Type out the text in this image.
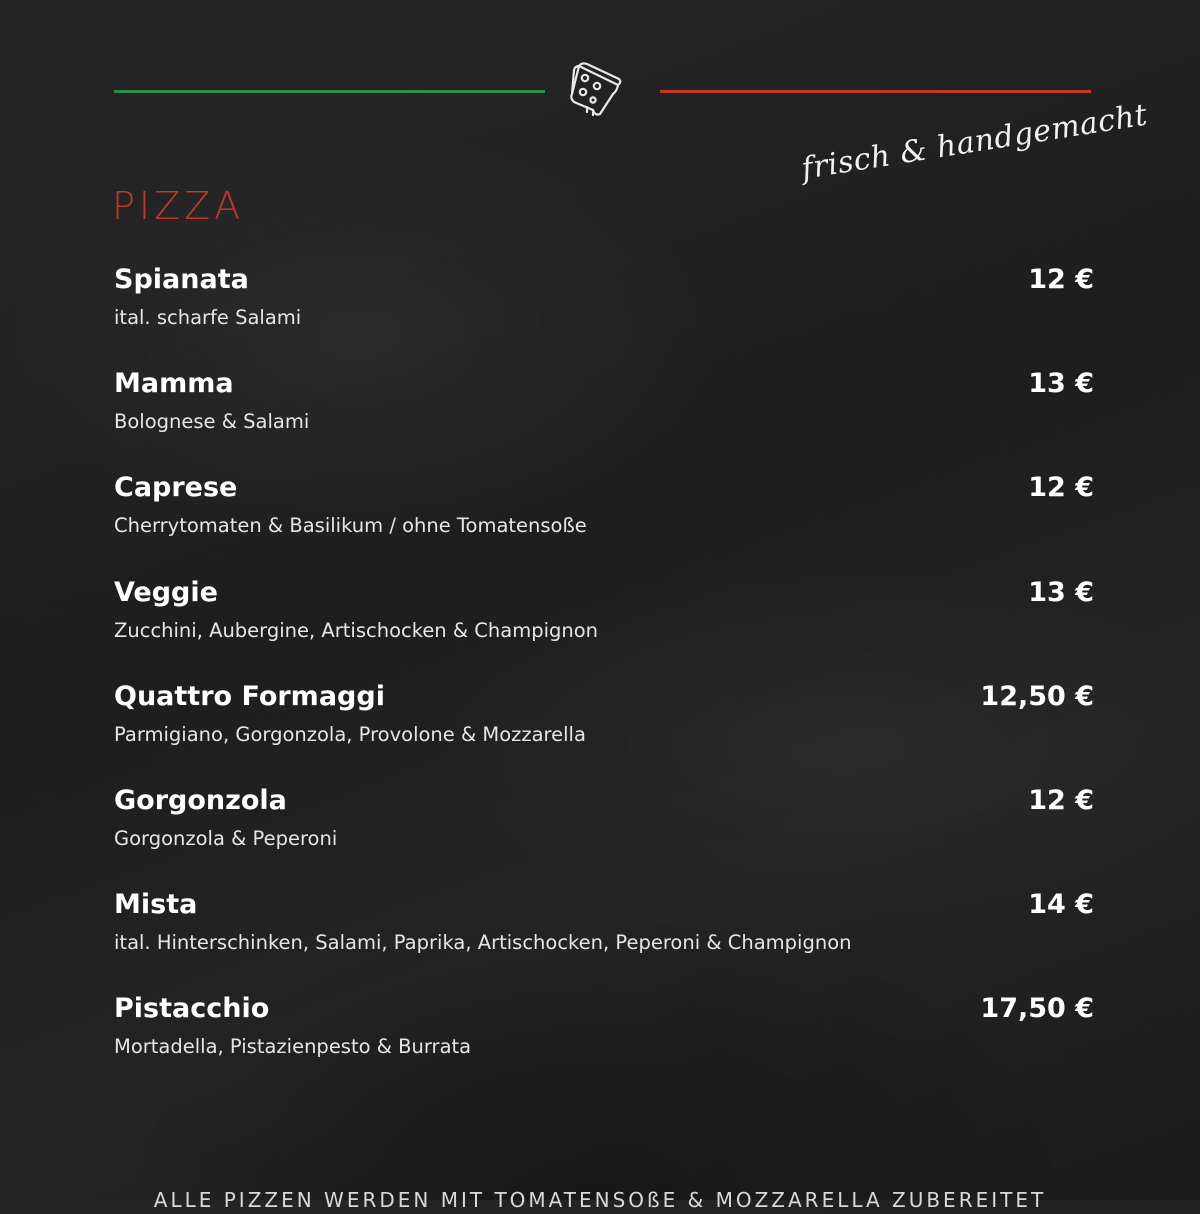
PIZZA
frisch & handgemacht
Spianata	12 €
ital. scharfe Salami
Mamma	13 €
Bolognese & Salami
Caprese	12 €
Cherrytomaten & Basilikum / ohne Tomatensoße
Veggie	13 €
Zucchini, Aubergine, Artischocken & Champignon
Quattro Formaggi	12,50 €
Parmigiano, Gorgonzola, Provolone & Mozzarella
Gorgonzola	12 €
Gorgonzola & Peperoni
Mista	14 €
ital. Hinterschinken, Salami, Paprika, Artischocken, Peperoni & Champignon
Pistacchio	17,50 €
Mortadella, Pistazienpesto & Burrata
ALLE PIZZEN WERDEN MIT TOMATENSOßE & MOZZARELLA ZUBEREITET
